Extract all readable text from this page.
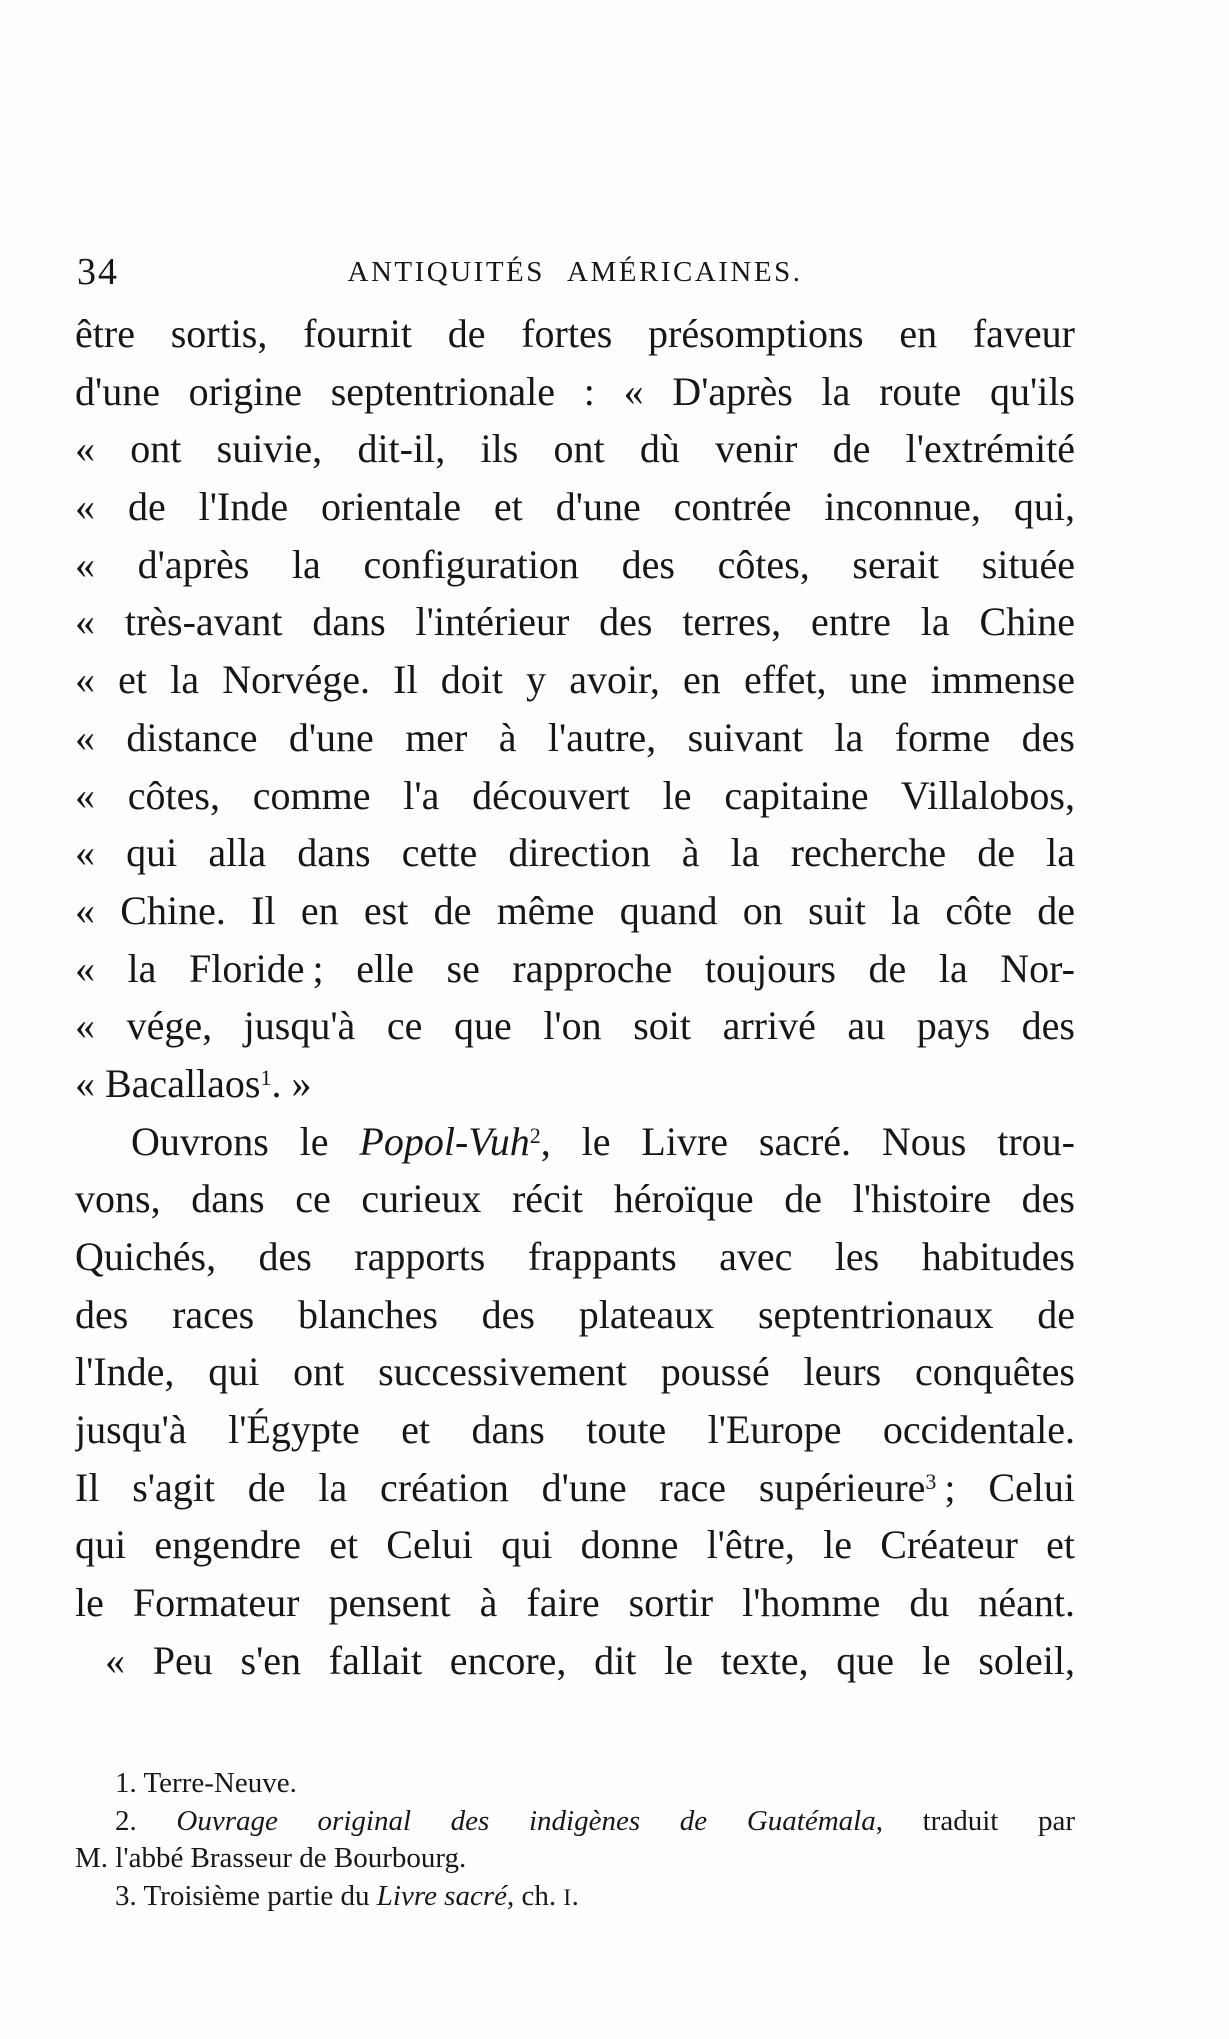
34	ANTIQUITÉS AMÉRICAINES.
être sortis, fournit de fortes présomptions en faveur
d'une origine septentrionale : « D'après la route qu'ils
« ont suivie, dit-il, ils ont dù venir de l'extrémité
« de l'Inde orientale et d'une contrée inconnue, qui,
« d'après la configuration des côtes, serait située
« très-avant dans l'intérieur des terres, entre la Chine
« et la Norvége. Il doit y avoir, en effet, une immense
« distance d'une mer à l'autre, suivant la forme des
« côtes, comme l'a découvert le capitaine Villalobos,
« qui alla dans cette direction à la recherche de la
« Chine. Il en est de même quand on suit la côte de
« la Floride ; elle se rapproche toujours de la Nor-
« vége, jusqu'à ce que l'on soit arrivé au pays des
« Bacallaos$^1$. »
Ouvrons le Popol-Vuh$^2$, le Livre sacré. Nous trou-
vons, dans ce curieux récit héroïque de l'histoire des
Quichés, des rapports frappants avec les habitudes
des races blanches des plateaux septentrionaux de
l'Inde, qui ont successivement poussé leurs conquêtes
jusqu'à l'Égypte et dans toute l'Europe occidentale.
Il s'agit de la création d'une race supérieure$^3$ ; Celui
qui engendre et Celui qui donne l'être, le Créateur et
le Formateur pensent à faire sortir l'homme du néant.
« Peu s'en fallait encore, dit le texte, que le soleil,
1. Terre-Neuve.
2. Ouvrage original des indigènes de Guatémala, traduit par
M. l'abbé Brasseur de Bourbourg.
3. Troisième partie du Livre sacré, ch. I.
